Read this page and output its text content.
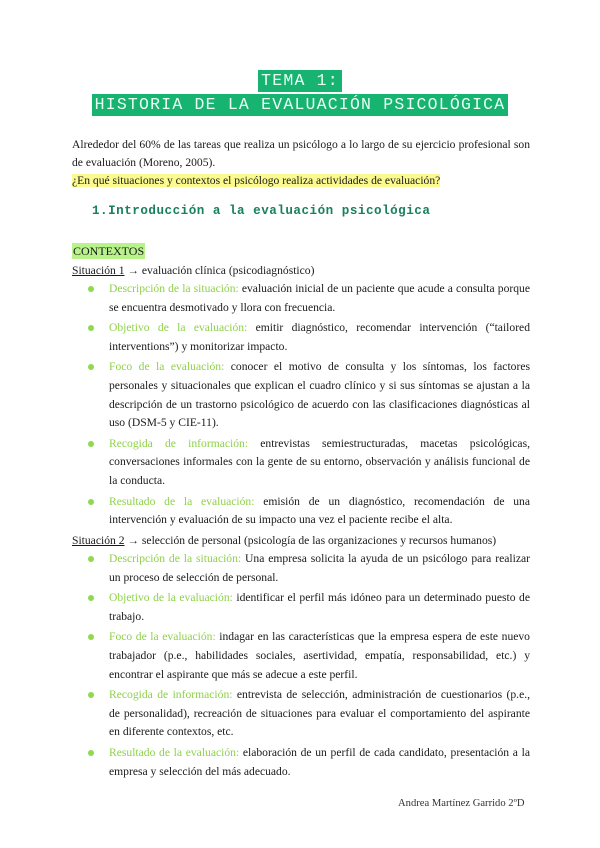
TEMA 1:
HISTORIA DE LA EVALUACIÓN PSICOLÓGICA
Alrededor del 60% de las tareas que realiza un psicólogo a lo largo de su ejercicio profesional son de evaluación (Moreno, 2005).
¿En qué situaciones y contextos el psicólogo realiza actividades de evaluación?
1.Introducción a la evaluación psicológica
CONTEXTOS
Situación 1 → evaluación clínica (psicodiagnóstico)
Descripción de la situación: evaluación inicial de un paciente que acude a consulta porque se encuentra desmotivado y llora con frecuencia.
Objetivo de la evaluación: emitir diagnóstico, recomendar intervención (“tailored interventions”) y monitorizar impacto.
Foco de la evaluación: conocer el motivo de consulta y los síntomas, los factores personales y situacionales que explican el cuadro clínico y si sus síntomas se ajustan a la descripción de un trastorno psicológico de acuerdo con las clasificaciones diagnósticas al uso (DSM-5 y CIE-11).
Recogida de información: entrevistas semiestructuradas, macetas psicológicas, conversaciones informales con la gente de su entorno, observación y análisis funcional de la conducta.
Resultado de la evaluación: emisión de un diagnóstico, recomendación de una intervención y evaluación de su impacto una vez el paciente recibe el alta.
Situación 2 → selección de personal (psicología de las organizaciones y recursos humanos)
Descripción de la situación: Una empresa solicita la ayuda de un psicólogo para realizar un proceso de selección de personal.
Objetivo de la evaluación: identificar el perfil más idóneo para un determinado puesto de trabajo.
Foco de la evaluación: indagar en las características que la empresa espera de este nuevo trabajador (p.e., habilidades sociales, asertividad, empatía, responsabilidad, etc.) y encontrar el aspirante que más se adecue a este perfil.
Recogida de información: entrevista de selección, administración de cuestionarios (p.e., de personalidad), recreación de situaciones para evaluar el comportamiento del aspirante en diferente contextos, etc.
Resultado de la evaluación: elaboración de un perfil de cada candidato, presentación a la empresa y selección del más adecuado.
Andrea Martínez Garrido 2ºD
